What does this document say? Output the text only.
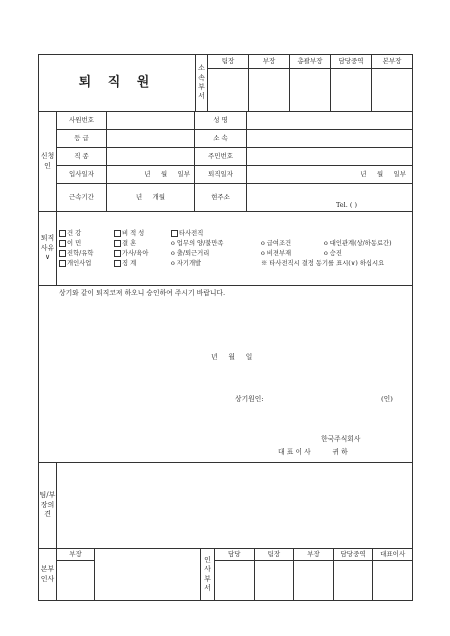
퇴 직 원	소속부서	팀장	부장	총괄부장	담당중역	본부장

신청인	사원번호		성 명	
	등 급		소 속	
	직 종		주민번호	
	입사일자	년     월     일부	퇴직일자	년     월     일부
	근속기간	년     개월	현주소	Tel. ( )
퇴직사유∨	
건 강	비 적 성	타사전직
이 민	결 혼	o 업무의 양/불만족	o 급여조건	o 대인관계(상/하동료간)
진학/유학	가사/육아	o 출/퇴근거리	o 비젼부재	o 승진
개인사업	징 계	o 자기개발	※ 타사전직시 결정 동기를 표시(∨) 하십시요
상기와 같이 퇴직코져 하오니 승인하여 주시기 바랍니다.
년     월     일
상기원인:	(인)
한국주식회사
대 표 이 사          귀 하
팀/부장의견	
본부인사	부장		인사부서	담당	팀장	부장	담당중역	대표이사
